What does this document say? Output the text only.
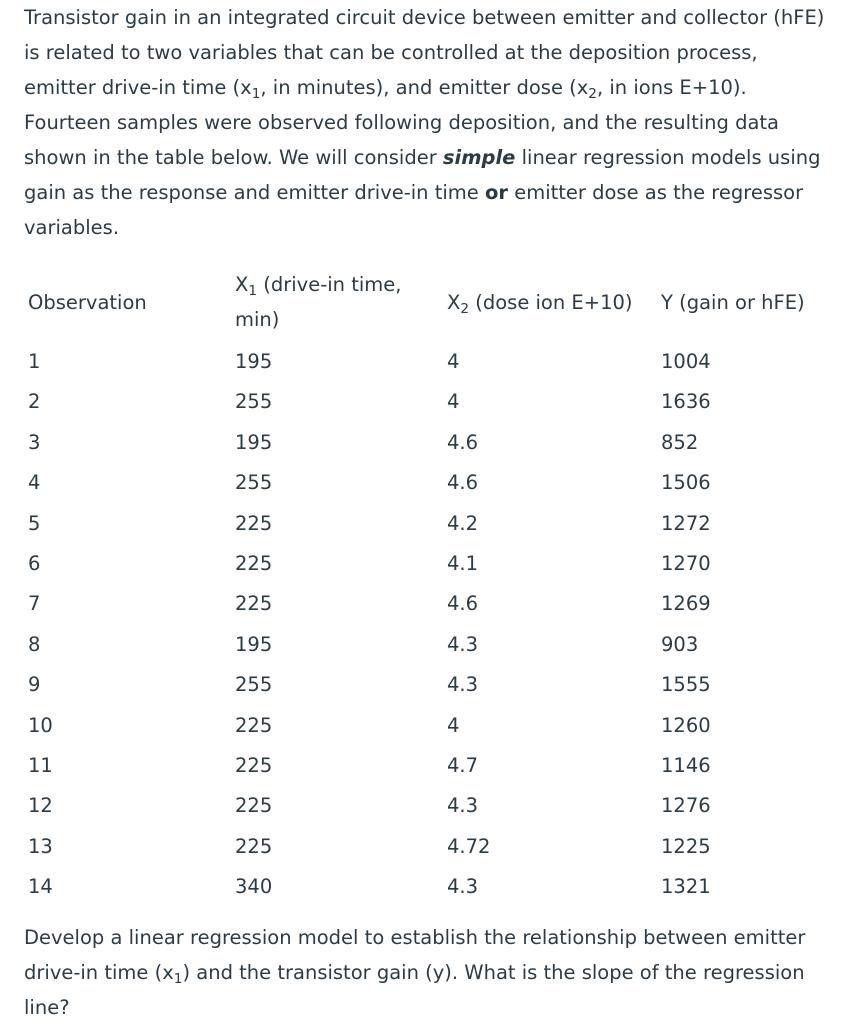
Transistor gain in an integrated circuit device between emitter and collector (hFE) is related to two variables that can be controlled at the deposition process, emitter drive-in time ($x_1$, in minutes), and emitter dose ($x_2$, in ions E+10). Fourteen samples were observed following deposition, and the resulting data shown in the table below. We will consider simple linear regression models using gain as the response and emitter drive-in time or emitter dose as the regressor variables.

Observation	$X_1$ (drive-in time, min)	$X_2$ (dose ion E+10)	Y (gain or hFE)
1	195	4	1004
2	255	4	1636
3	195	4.6	852
4	255	4.6	1506
5	225	4.2	1272
6	225	4.1	1270
7	225	4.6	1269
8	195	4.3	903
9	255	4.3	1555
10	225	4	1260
11	225	4.7	1146
12	225	4.3	1276
13	225	4.72	1225
14	340	4.3	1321

Develop a linear regression model to establish the relationship between emitter drive-in time $(x_1)$ and the transistor gain (y). What is the slope of the regression line?
